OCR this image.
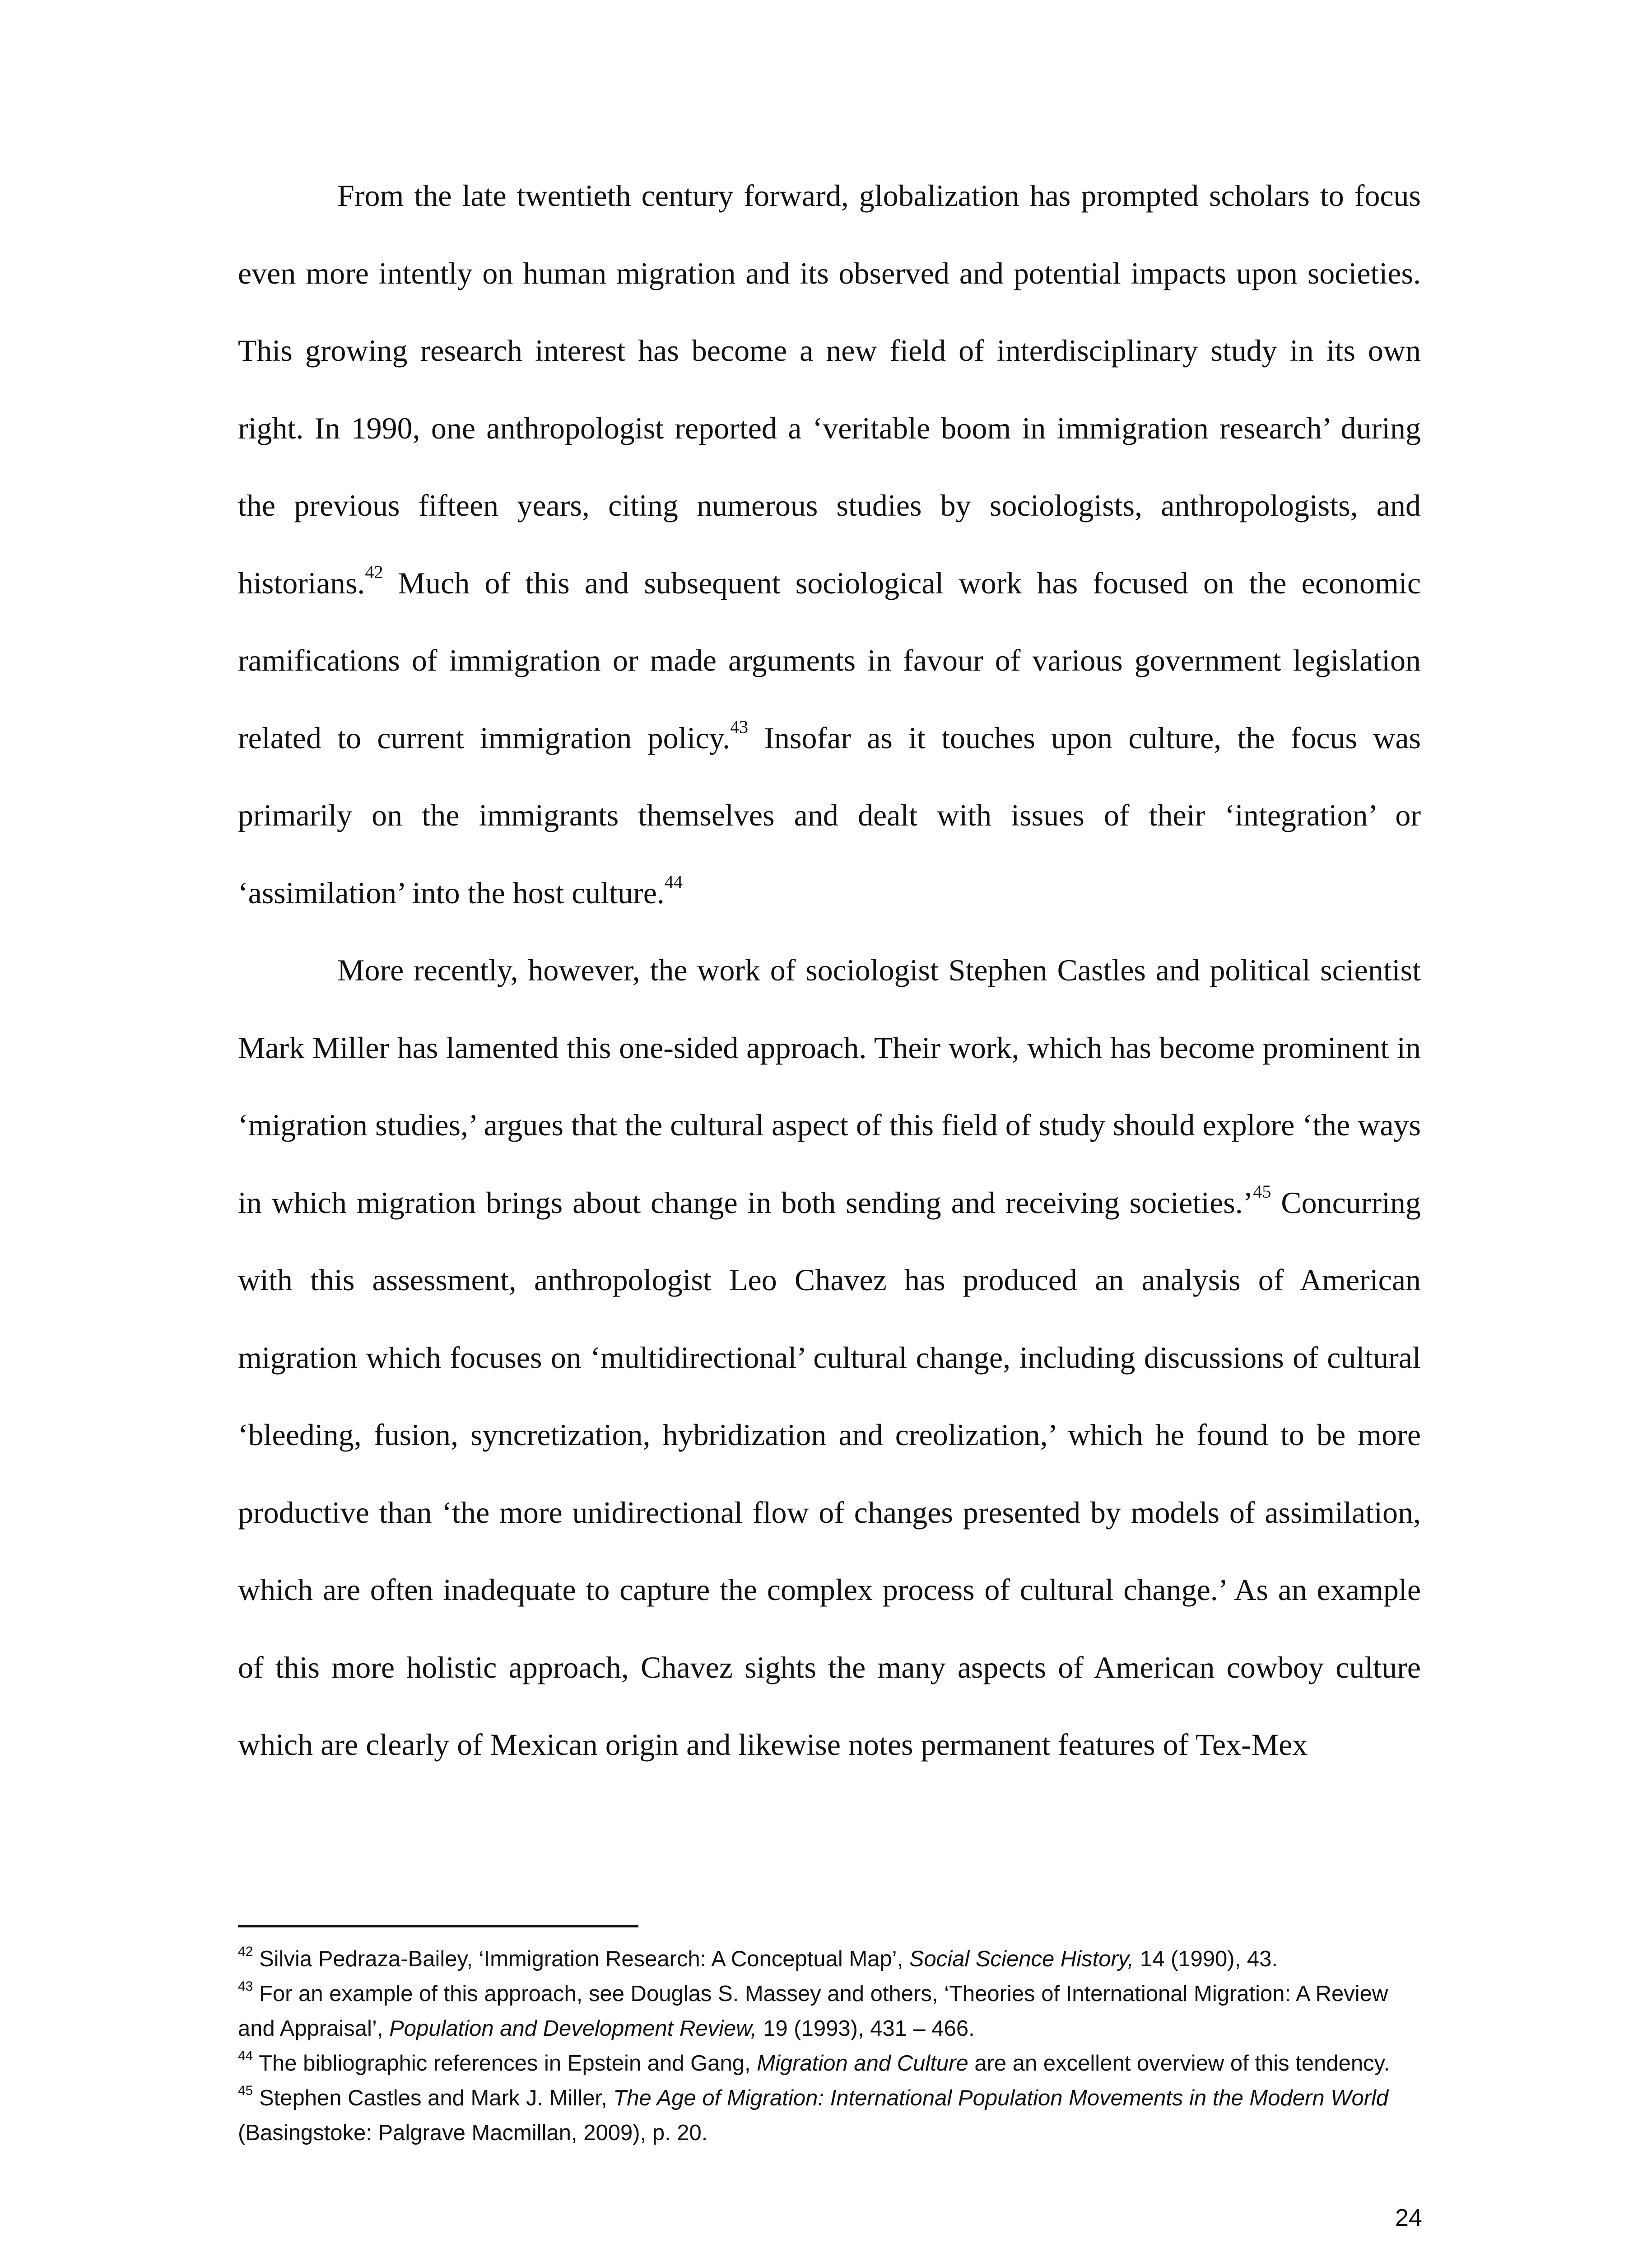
From the late twentieth century forward, globalization has prompted scholars to focus even more intently on human migration and its observed and potential impacts upon societies. This growing research interest has become a new field of interdisciplinary study in its own right. In 1990, one anthropologist reported a ‘veritable boom in immigration research’ during the previous fifteen years, citing numerous studies by sociologists, anthropologists, and historians.$^{42}$ Much of this and subsequent sociological work has focused on the economic ramifications of immigration or made arguments in favour of various government legislation related to current immigration policy.$^{43}$ Insofar as it touches upon culture, the focus was primarily on the immigrants themselves and dealt with issues of their ‘integration’ or ‘assimilation’ into the host culture.$^{44}$

More recently, however, the work of sociologist Stephen Castles and political scientist Mark Miller has lamented this one-sided approach. Their work, which has become prominent in ‘migration studies,’ argues that the cultural aspect of this field of study should explore ‘the ways in which migration brings about change in both sending and receiving societies.’$^{45}$ Concurring with this assessment, anthropologist Leo Chavez has produced an analysis of American migration which focuses on ‘multidirectional’ cultural change, including discussions of cultural ‘bleeding, fusion, syncretization, hybridization and creolization,’ which he found to be more productive than ‘the more unidirectional flow of changes presented by models of assimilation, which are often inadequate to capture the complex process of cultural change.’ As an example of this more holistic approach, Chavez sights the many aspects of American cowboy culture which are clearly of Mexican origin and likewise notes permanent features of Tex-Mex

$^{42}$ Silvia Pedraza-Bailey, ‘Immigration Research: A Conceptual Map’, Social Science History, 14 (1990), 43.

$^{43}$ For an example of this approach, see Douglas S. Massey and others, ‘Theories of International Migration: A Review and Appraisal’, Population and Development Review, 19 (1993), 431 – 466.

$^{44}$ The bibliographic references in Epstein and Gang, Migration and Culture are an excellent overview of this tendency.

$^{45}$ Stephen Castles and Mark J. Miller, The Age of Migration: International Population Movements in the Modern World (Basingstoke: Palgrave Macmillan, 2009), p. 20.

24
